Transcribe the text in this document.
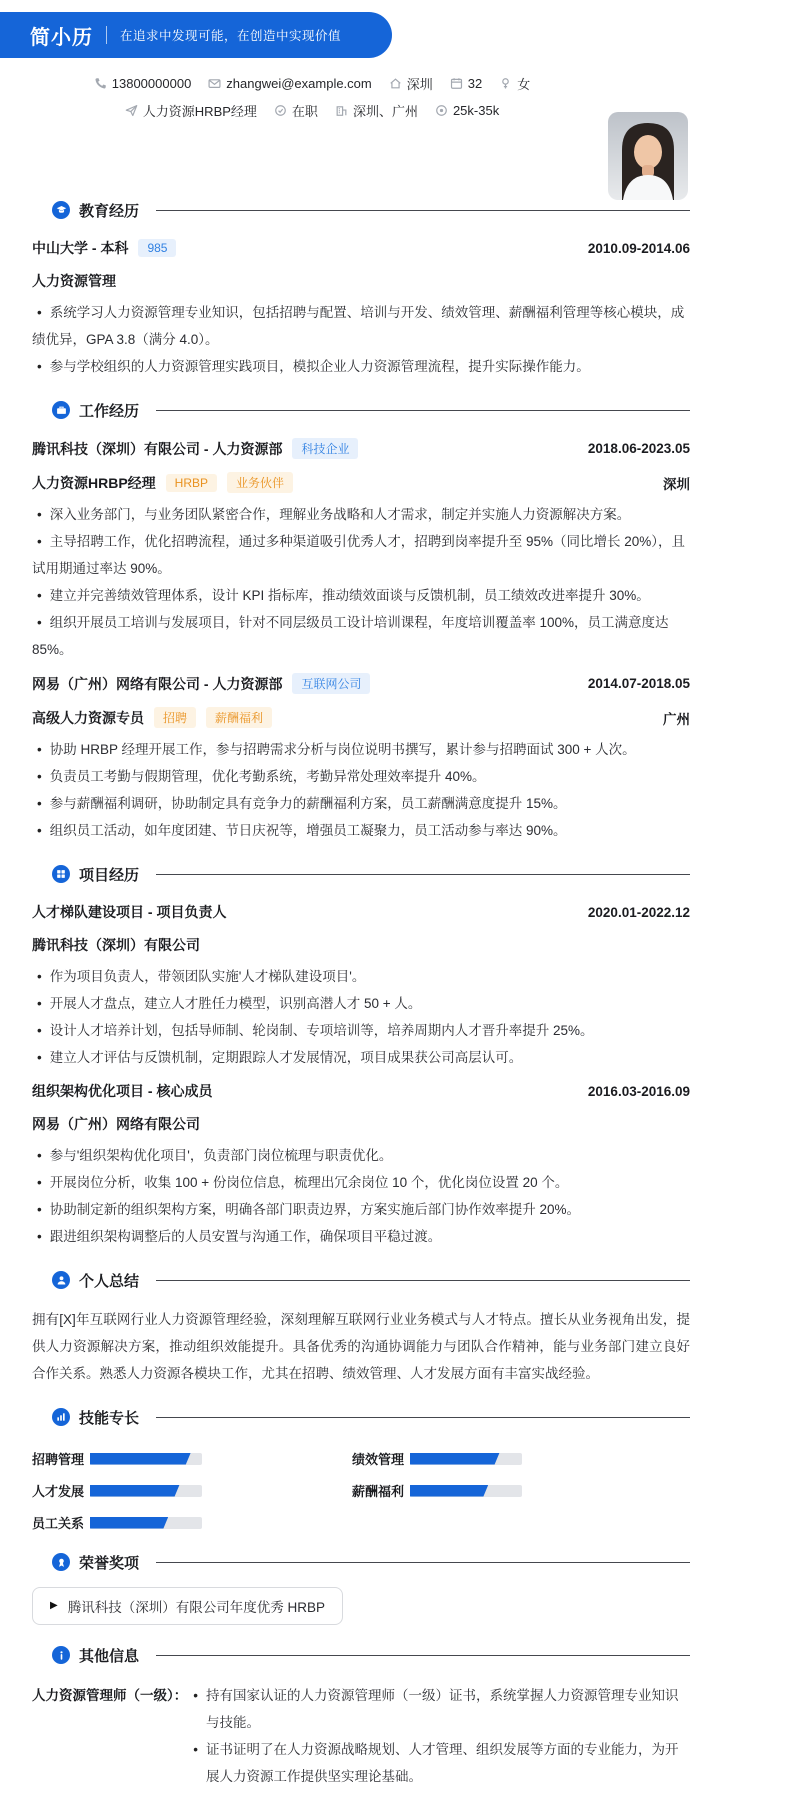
简小历 在追求中发现可能，在创造中实现价值
13800000000	zhangwei@example.com	深圳	32	女
人力资源HRBP经理	在职	深圳、广州	25k-35k
教育经历
中山大学 - 本科	985	2010.09-2014.06
人力资源管理

• 系统学习人力资源管理专业知识，包括招聘与配置、培训与开发、绩效管理、薪酬福利管理等核心模块，成绩优异，GPA 3.8（满分 4.0）。

• 参与学校组织的人力资源管理实践项目，模拟企业人力资源管理流程，提升实际操作能力。

工作经历
腾讯科技（深圳）有限公司 - 人力资源部	科技企业	2018.06-2023.05
人力资源HRBP经理	HRBP	业务伙伴	深圳

• 深入业务部门，与业务团队紧密合作，理解业务战略和人才需求，制定并实施人力资源解决方案。

• 主导招聘工作，优化招聘流程，通过多种渠道吸引优秀人才，招聘到岗率提升至 95%（同比增长 20%），且试用期通过率达 90%。

• 建立并完善绩效管理体系，设计 KPI 指标库，推动绩效面谈与反馈机制，员工绩效改进率提升 30%。

• 组织开展员工培训与发展项目，针对不同层级员工设计培训课程，年度培训覆盖率 100%，员工满意度达 85%。

网易（广州）网络有限公司 - 人力资源部	互联网公司	2014.07-2018.05
高级人力资源专员	招聘	薪酬福利	广州

• 协助 HRBP 经理开展工作，参与招聘需求分析与岗位说明书撰写，累计参与招聘面试 300 + 人次。

• 负责员工考勤与假期管理，优化考勤系统，考勤异常处理效率提升 40%。

• 参与薪酬福利调研，协助制定具有竞争力的薪酬福利方案，员工薪酬满意度提升 15%。

• 组织员工活动，如年度团建、节日庆祝等，增强员工凝聚力，员工活动参与率达 90%。

项目经历
人才梯队建设项目 - 项目负责人	2020.01-2022.12
腾讯科技（深圳）有限公司

• 作为项目负责人，带领团队实施'人才梯队建设项目'。

• 开展人才盘点，建立人才胜任力模型，识别高潜人才 50 + 人。

• 设计人才培养计划，包括导师制、轮岗制、专项培训等，培养周期内人才晋升率提升 25%。

• 建立人才评估与反馈机制，定期跟踪人才发展情况，项目成果获公司高层认可。

组织架构优化项目 - 核心成员	2016.03-2016.09
网易（广州）网络有限公司

• 参与'组织架构优化项目'，负责部门岗位梳理与职责优化。

• 开展岗位分析，收集 100 + 份岗位信息，梳理出冗余岗位 10 个，优化岗位设置 20 个。

• 协助制定新的组织架构方案，明确各部门职责边界，方案实施后部门协作效率提升 20%。

• 跟进组织架构调整后的人员安置与沟通工作，确保项目平稳过渡。

个人总结

拥有[X]年互联网行业人力资源管理经验，深刻理解互联网行业业务模式与人才特点。擅长从业务视角出发，提供人力资源解决方案，推动组织效能提升。具备优秀的沟通协调能力与团队合作精神，能与业务部门建立良好合作关系。熟悉人力资源各模块工作，尤其在招聘、绩效管理、人才发展方面有丰富实战经验。

技能专长
招聘管理	绩效管理
人才发展	薪酬福利
员工关系
荣誉奖项
▶ 腾讯科技（深圳）有限公司年度优秀 HRBP
其他信息
人力资源管理师（一级）： • 持有国家认证的人力资源管理师（一级）证书，系统掌握人力资源管理专业知识与技能。
• 证书证明了在人力资源战略规划、人才管理、组织发展等方面的专业能力，为开展人力资源工作提供坚实理论基础。
